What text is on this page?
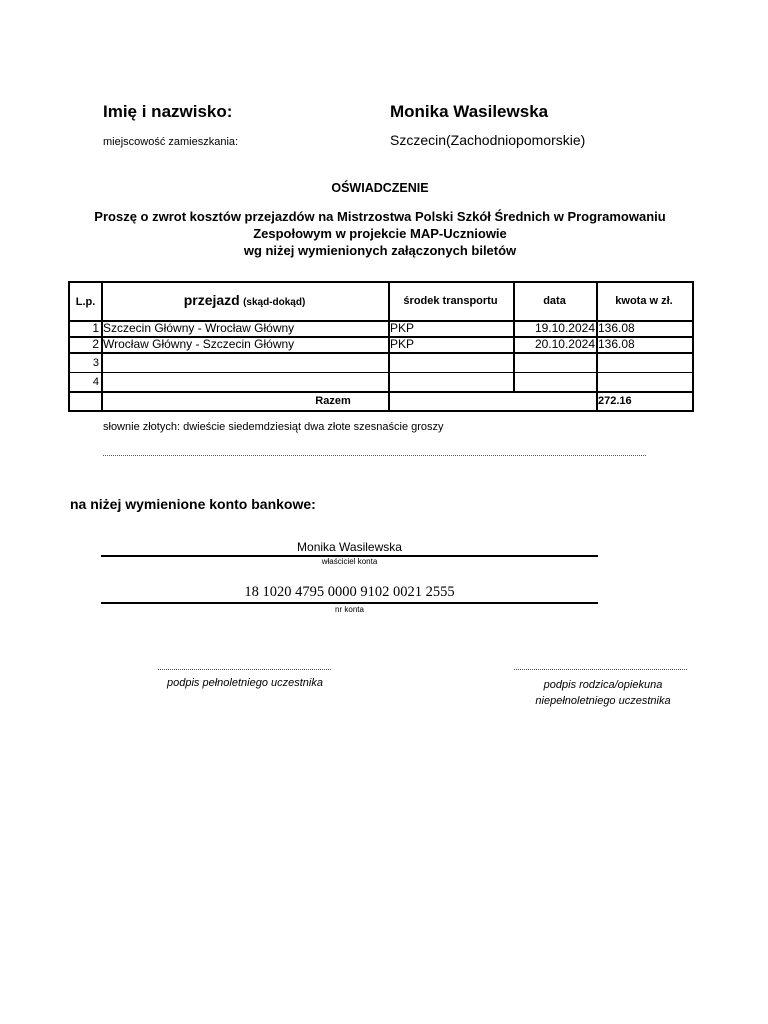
Imię i nazwisko:	Monika Wasilewska
miejscowość zamieszkania:	Szczecin(Zachodniopomorskie)
OŚWIADCZENIE
Proszę o zwrot kosztów przejazdów na Mistrzostwa Polski Szkół Średnich w Programowaniu
Zespołowym w projekcie MAP-Uczniowie
wg niżej wymienionych załączonych biletów
L.p.	przejazd (skąd-dokąd)	środek transportu	data	kwota w zł.
1 Szczecin Główny - Wrocław Główny	PKP	19.10.2024 136.08
2 Wrocław Główny - Szczecin Główny	PKP	20.10.2024 136.08
3
4
Razem	272.16
słownie złotych: dwieście siedemdziesiąt dwa złote szesnaście groszy
na niżej wymienione konto bankowe:
Monika Wasilewska
właściciel konta
18 1020 4795 0000 9102 0021 2555
nr konta
podpis pełnoletniego uczestnika	podpis rodzica/opiekuna
niepełnoletniego uczestnika
